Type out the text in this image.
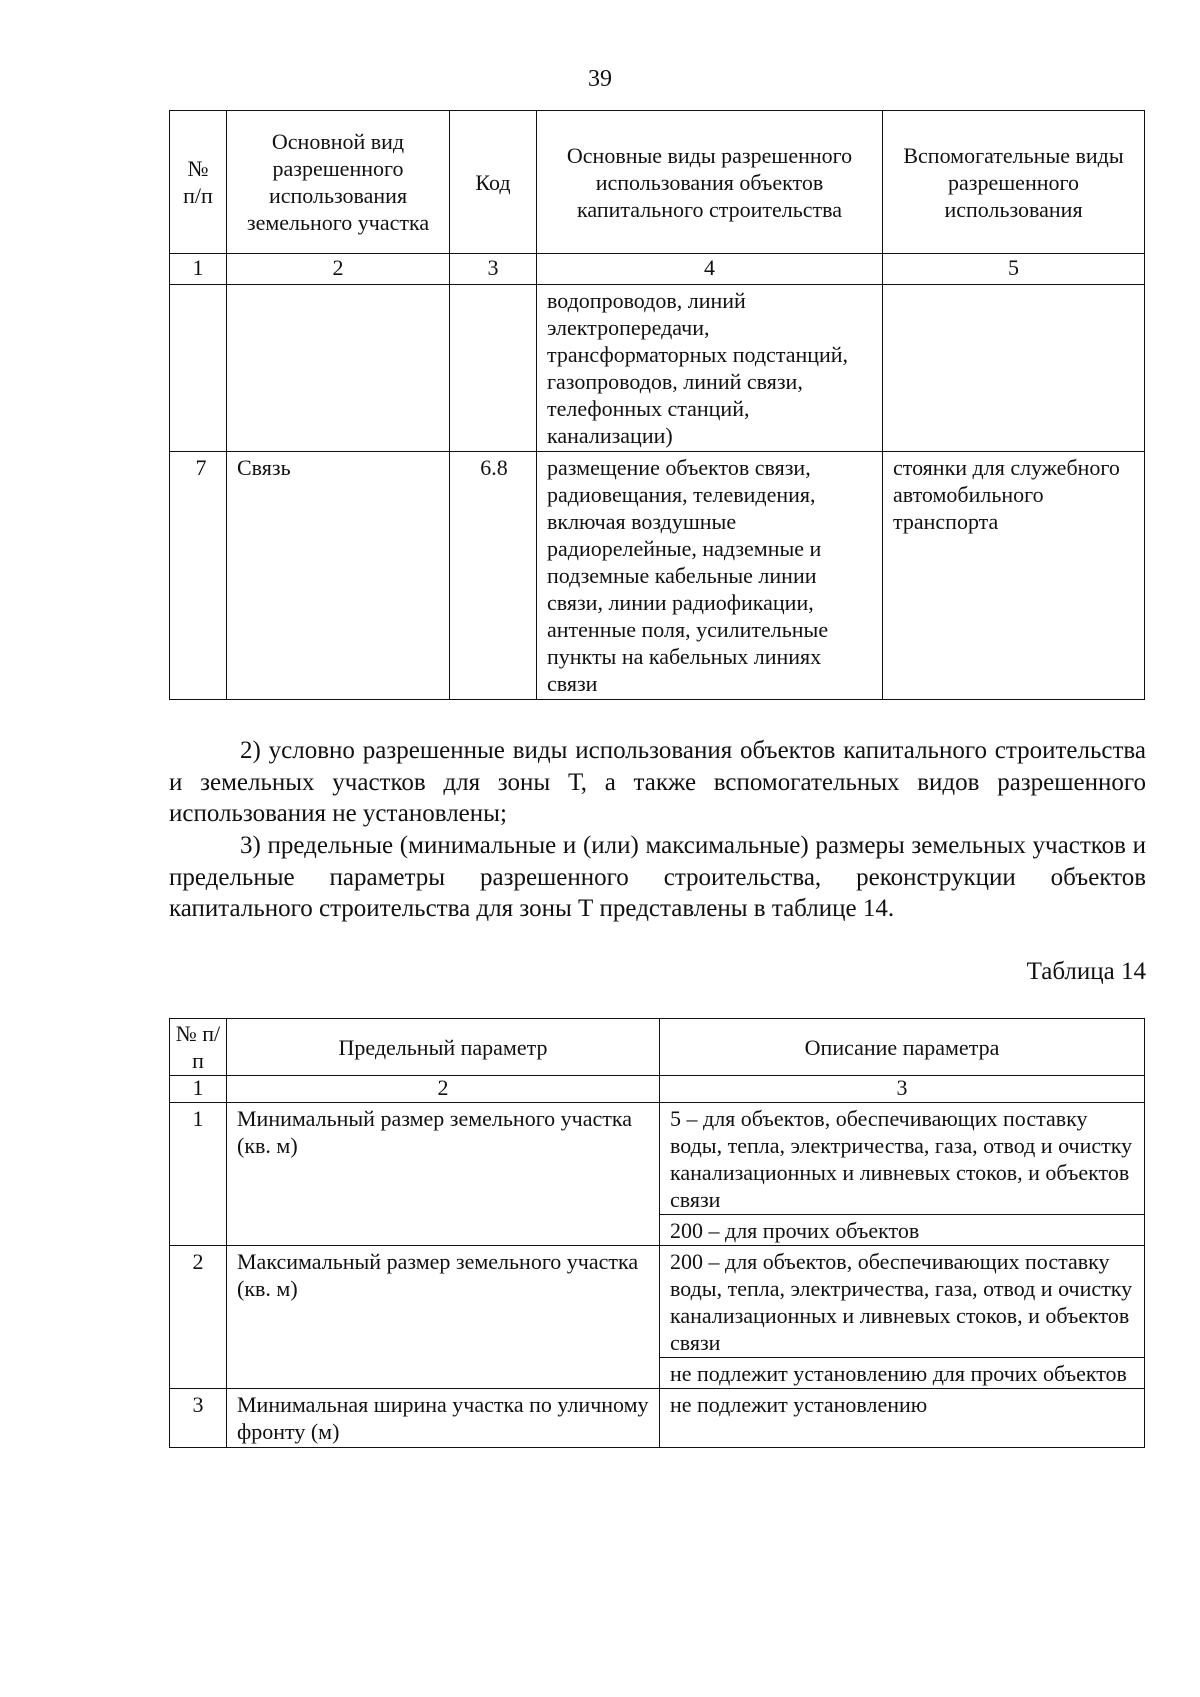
39
№ п/п	Основной вид разрешенного использования земельного участка	Код	Основные виды разрешенного использования объектов капитального строительства	Вспомогательные виды разрешенного использования
1	2	3	4	5

			водопроводов, линий электропередачи, трансформаторных подстанций, газопроводов, линий связи, телефонных станций, канализации)	

7	Связь	6.8	размещение объектов связи, радиовещания, телевидения, включая воздушные радиорелейные, надземные и подземные кабельные линии связи, линии радиофикации, антенные поля, усилительные пункты на кабельных линиях связи	стоянки для служебного автомобильного транспорта

2) условно разрешенные виды использования объектов капитального строительства и земельных участков для зоны Т, а также вспомогательных видов разрешенного использования не установлены;

3) предельные (минимальные и (или) максимальные) размеры земельных участков и предельные параметры разрешенного строительства, реконструкции объектов капитального строительства для зоны Т представлены в таблице 14.

Таблица 14
№ п/п	Предельный параметр	Описание параметра
1	2	3
1	Минимальный размер земельного участка (кв. м)	5 – для объектов, обеспечивающих поставку воды, тепла, электричества, газа, отвод и очистку канализационных и ливневых стоков, и объектов связи
200 – для прочих объектов

2	Максимальный размер земельного участка (кв. м)	200 – для объектов, обеспечивающих поставку воды, тепла, электричества, газа, отвод и очистку канализационных и ливневых стоков, и объектов связи
не подлежит установлению для прочих объектов

3	Минимальная ширина участка по уличному фронту (м)	не подлежит установлению
